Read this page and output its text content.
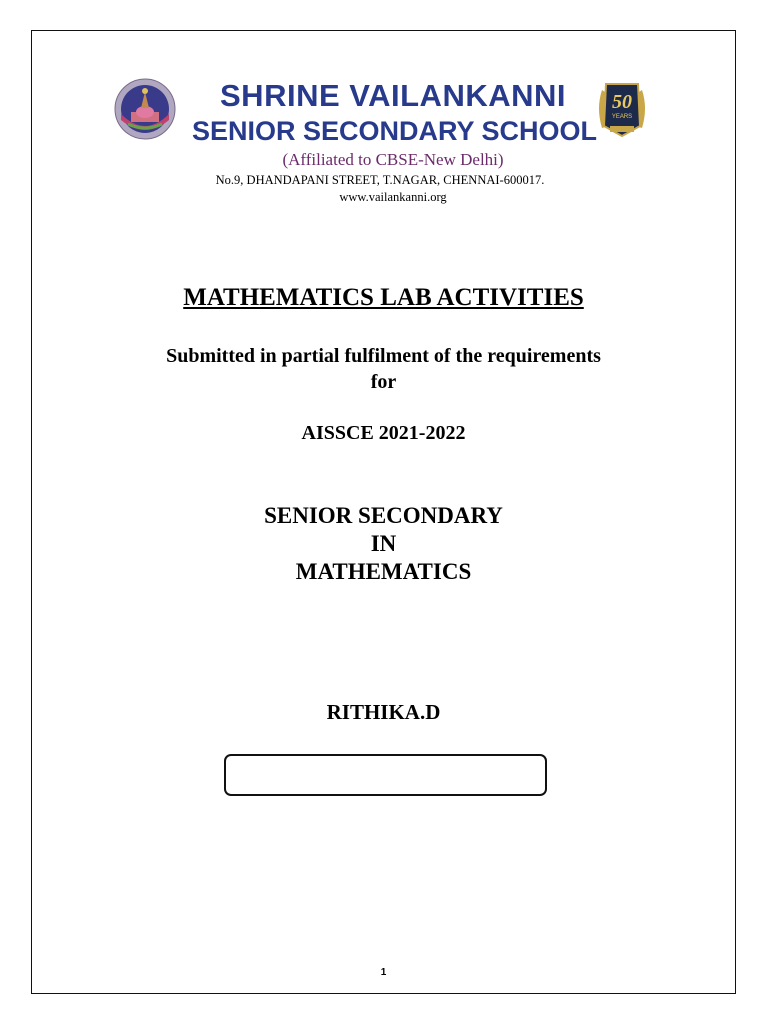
SHRINE VAILANKANNI
SENIOR SECONDARY SCHOOL
(Affiliated to CBSE-New Delhi)
No.9, DHANDAPANI STREET, T.NAGAR, CHENNAI-600017.
www.vailankanni.org
50
YEARS
MATHEMATICS LAB ACTIVITIES
Submitted in partial fulfilment of the requirements
for
AISSCE 2021-2022
SENIOR SECONDARY
IN
MATHEMATICS
RITHIKA.D
1
